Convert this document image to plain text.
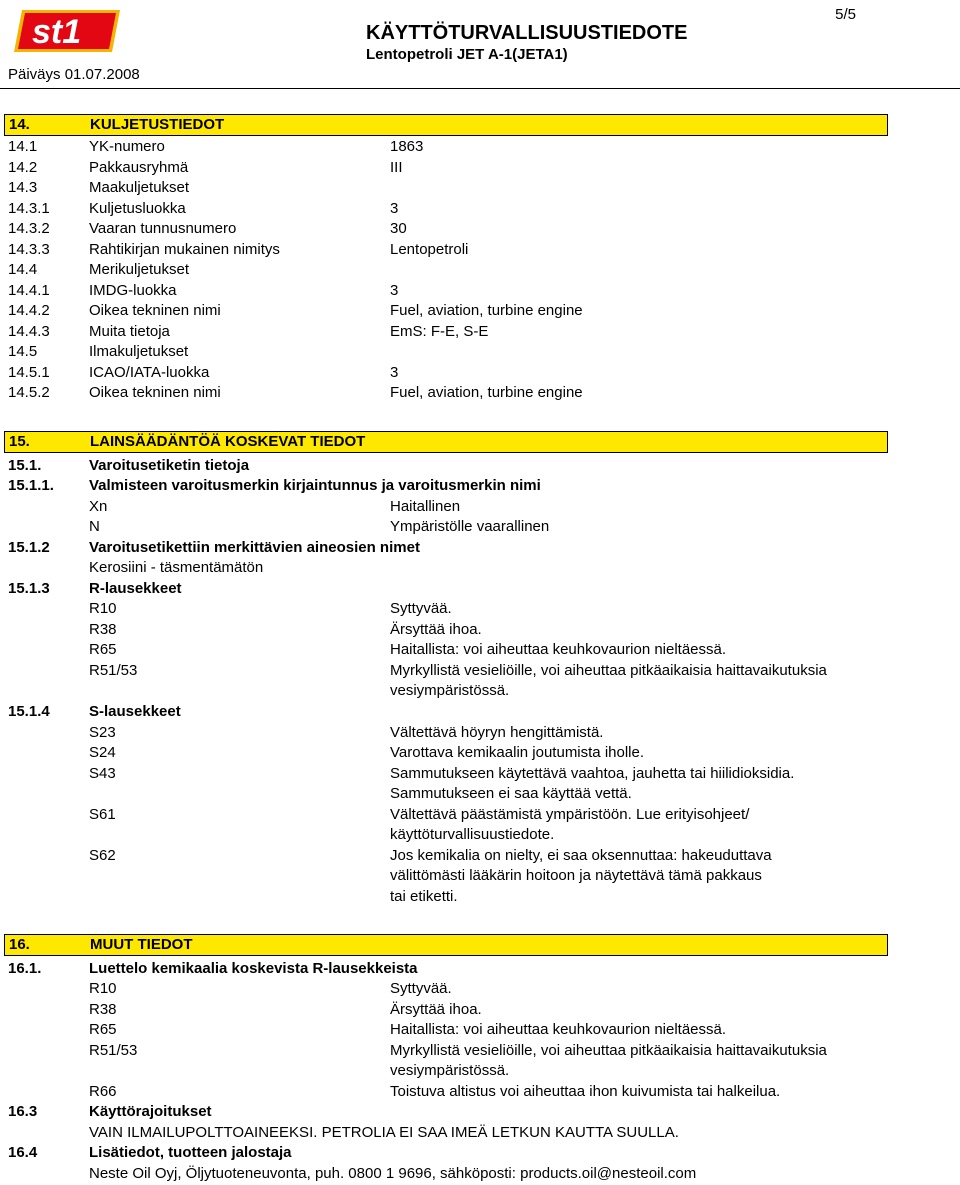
st1	KÄYTTÖTURVALLISUUSTIEDOTE
Lentopetroli JET A-1(JETA1)
5/5
Päiväys 01.07.2008
14.	KULJETUSTIEDOT
14.1	YK-numero	1863
14.2	Pakkausryhmä	III
14.3	Maakuljetukset
14.3.1	Kuljetusluokka	3
14.3.2	Vaaran tunnusnumero	30
14.3.3	Rahtikirjan mukainen nimitys	Lentopetroli
14.4	Merikuljetukset
14.4.1	IMDG-luokka	3
14.4.2	Oikea tekninen nimi	Fuel, aviation, turbine engine
14.4.3	Muita tietoja	EmS: F-E, S-E
14.5	Ilmakuljetukset
14.5.1	ICAO/IATA-luokka	3
14.5.2	Oikea tekninen nimi	Fuel, aviation, turbine engine
15.	LAINSÄÄDÄNTÖÄ KOSKEVAT TIEDOT
15.1.	Varoitusetiketin tietoja
15.1.1. Valmisteen varoitusmerkin kirjaintunnus ja varoitusmerkin nimi
Xn	Haitallinen
N	Ympäristölle vaarallinen
15.1.2	Varoitusetikettiin merkittävien aineosien nimet
Kerosiini - täsmentämätön
15.1.3	R-lausekkeet
R10	Syttyvää.
R38	Ärsyttää ihoa.
R65	Haitallista: voi aiheuttaa keuhkovaurion nieltäessä.
R51/53	Myrkyllistä vesieliöille, voi aiheuttaa pitkäaikaisia haittavaikutuksia
vesiympäristössä.
15.1.4	S-lausekkeet
S23	Vältettävä höyryn hengittämistä.
S24	Varottava kemikaalin joutumista iholle.
S43	Sammutukseen käytettävä vaahtoa, jauhetta tai hiilidioksidia.
Sammutukseen ei saa käyttää vettä.
S61	Vältettävä päästämistä ympäristöön. Lue erityisohjeet/
käyttöturvallisuustiedote.
S62	Jos kemikalia on nielty, ei saa oksennuttaa: hakeuduttava
välittömästi lääkärin hoitoon ja näytettävä tämä pakkaus
tai etiketti.
16.	MUUT TIEDOT
16.1.	Luettelo kemikaalia koskevista R-lausekkeista
R10	Syttyvää.
R38	Ärsyttää ihoa.
R65	Haitallista: voi aiheuttaa keuhkovaurion nieltäessä.
R51/53	Myrkyllistä vesieliöille, voi aiheuttaa pitkäaikaisia haittavaikutuksia
vesiympäristössä.
R66	Toistuva altistus voi aiheuttaa ihon kuivumista tai halkeilua.
16.3	Käyttörajoitukset
VAIN ILMAILUPOLTTOAINEEKSI. PETROLIA EI SAA IMEÄ LETKUN KAUTTA SUULLA.
16.4	Lisätiedot, tuotteen jalostaja
Neste Oil Oyj, Öljytuoteneuvonta, puh. 0800 1 9696, sähköposti: products.oil@nesteoil.com
